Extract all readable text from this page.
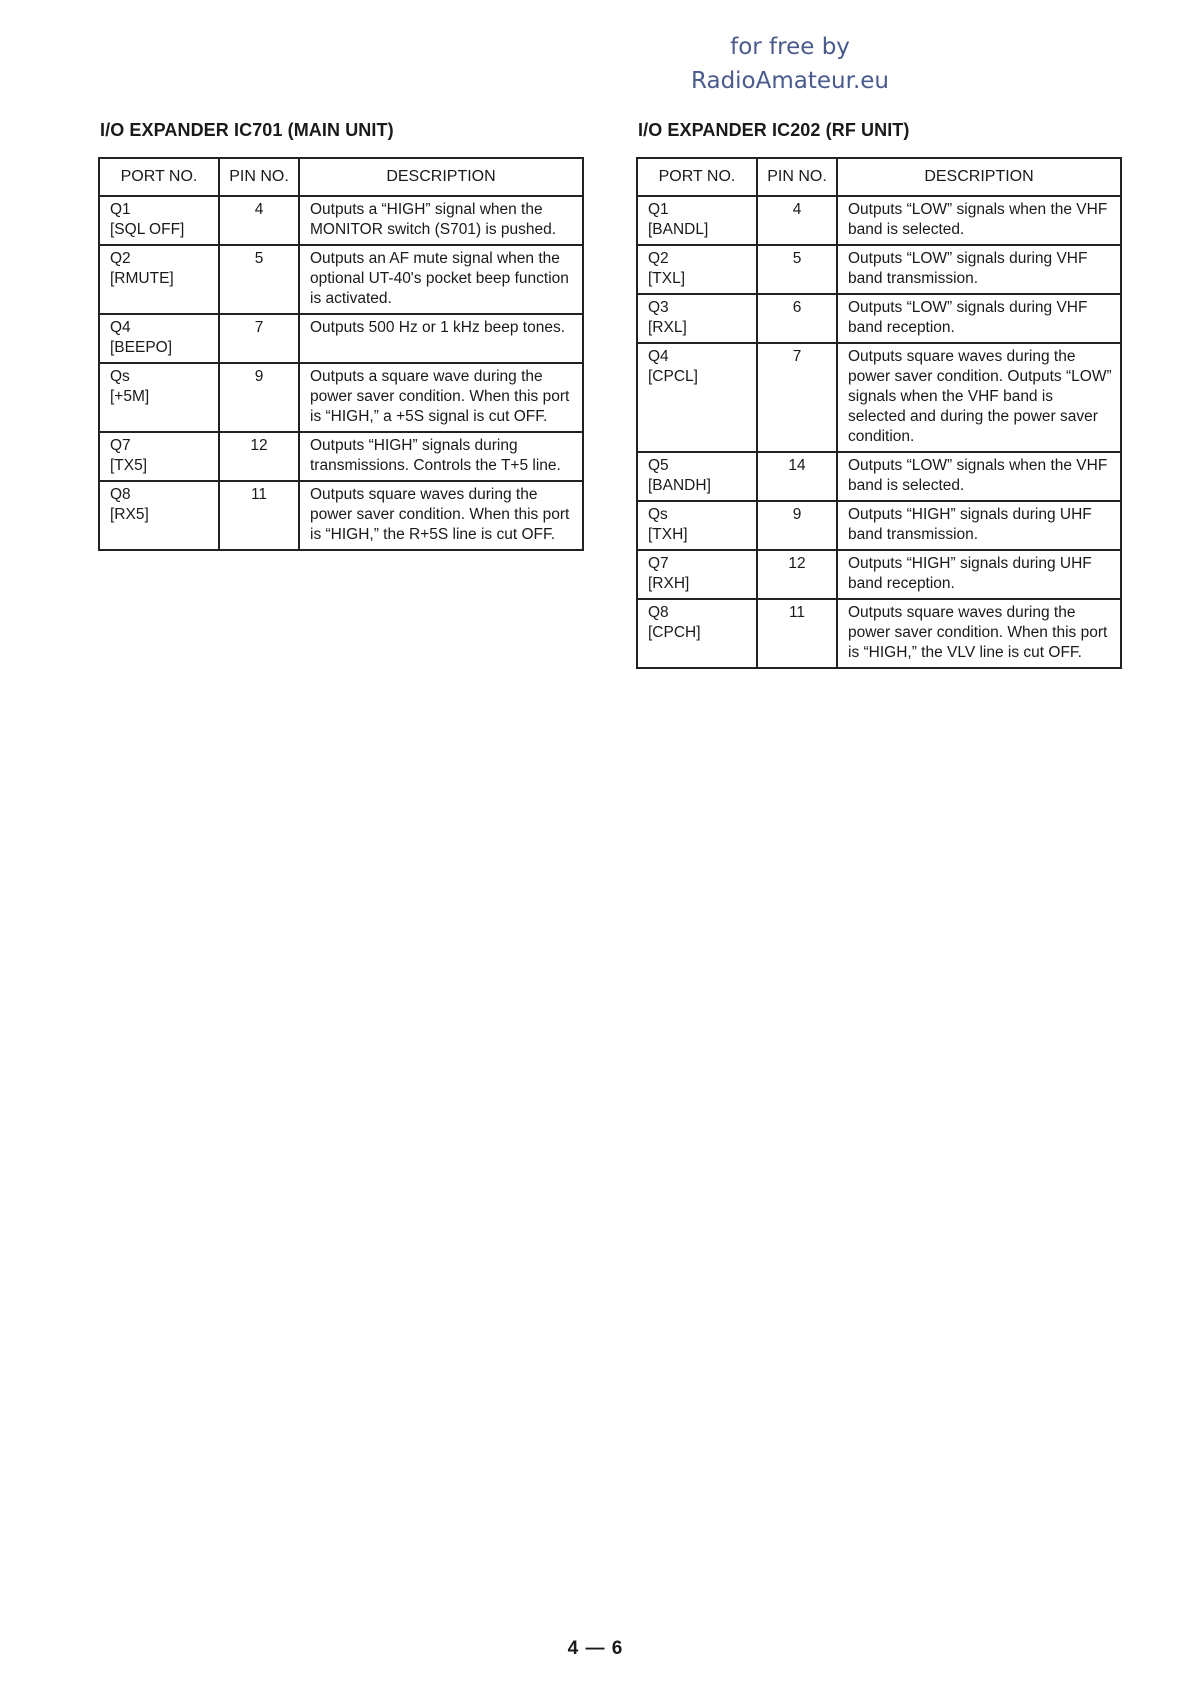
for free by
RadioAmateur.eu
I/O EXPANDER IC701 (MAIN UNIT)
PORT NO.	PIN NO.	DESCRIPTION

Q1
[SQL OFF]	4	Outputs a “HIGH” signal when the MONITOR switch (S701) is pushed.

Q2
[RMUTE]	5	Outputs an AF mute signal when the optional UT-40's pocket beep function is activated.

Q4
[BEEPO]	7	Outputs 500 Hz or 1 kHz beep tones.

Qs
[+5M]	9	Outputs a square wave during the power saver condition. When this port is “HIGH,” a +5S signal is cut OFF.

Q7
[TX5]	12	Outputs “HIGH” signals during transmissions. Controls the T+5 line.

Q8
[RX5]	11	Outputs square waves during the power saver condition. When this port is “HIGH,” the R+5S line is cut OFF.
I/O EXPANDER IC202 (RF UNIT)
PORT NO.	PIN NO.	DESCRIPTION

Q1
[BANDL]	4	Outputs “LOW” signals when the VHF band is selected.

Q2
[TXL]	5	Outputs “LOW” signals during VHF band transmission.

Q3
[RXL]	6	Outputs “LOW” signals during VHF band reception.

Q4
[CPCL]	7	Outputs square waves during the power saver condition. Outputs “LOW” signals when the VHF band is selected and during the power saver condition.

Q5
[BANDH]	14	Outputs “LOW” signals when the VHF band is selected.

Qs
[TXH]	9	Outputs “HIGH” signals during UHF band transmission.

Q7
[RXH]	12	Outputs “HIGH” signals during UHF band reception.

Q8
[CPCH]	11	Outputs square waves during the power saver condition. When this port is “HIGH,” the VLV line is cut OFF.
4 — 6
